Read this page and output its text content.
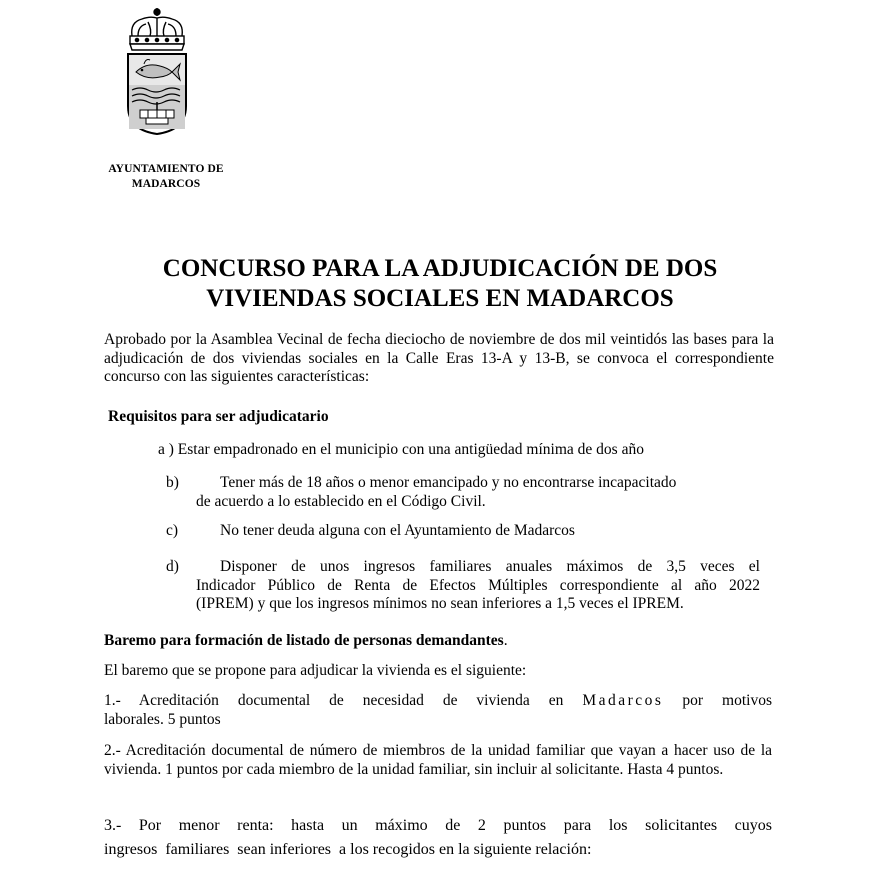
AYUNTAMIENTO DE
MADARCOS
CONCURSO PARA LA ADJUDICACIÓN DE DOS
VIVIENDAS SOCIALES EN MADARCOS
Aprobado por la Asamblea Vecinal de fecha dieciocho de noviembre de dos mil veintidós las bases para la adjudicación de dos viviendas sociales en la Calle Eras 13-A y 13-B, se convoca el correspondiente concurso con las siguientes características:
Requisitos para ser adjudicatario
a ) Estar empadronado en el municipio con una antigüedad mínima de dos año
b)	Tener más de 18 años o menor emancipado y no encontrarse incapacitado
de acuerdo a lo establecido en el Código Civil.
c)	No tener deuda alguna con el Ayuntamiento de Madarcos
d)	Disponer de unos ingresos familiares anuales máximos de 3,5 veces el
Indicador Público de Renta de Efectos Múltiples correspondiente al año 2022
(IPREM) y que los ingresos mínimos no sean inferiores a 1,5 veces el IPREM.
Baremo para formación de listado de personas demandantes.
El baremo que se propone para adjudicar la vivienda es el siguiente:
1.-  Acreditación  documental  de  necesidad  de  vivienda  en  Madarcos  por  motivos
laborales. 5 puntos
2.- Acreditación documental de número de miembros de la unidad familiar que vayan a hacer uso de la vivienda. 1 puntos por cada miembro de la unidad familiar, sin incluir al solicitante. Hasta 4 puntos.
3.-  Por  menor  renta:  hasta  un  máximo  de  2  puntos  para  los  solicitantes  cuyos
ingresos  familiares  sean inferiores  a los recogidos en la siguiente relación:
